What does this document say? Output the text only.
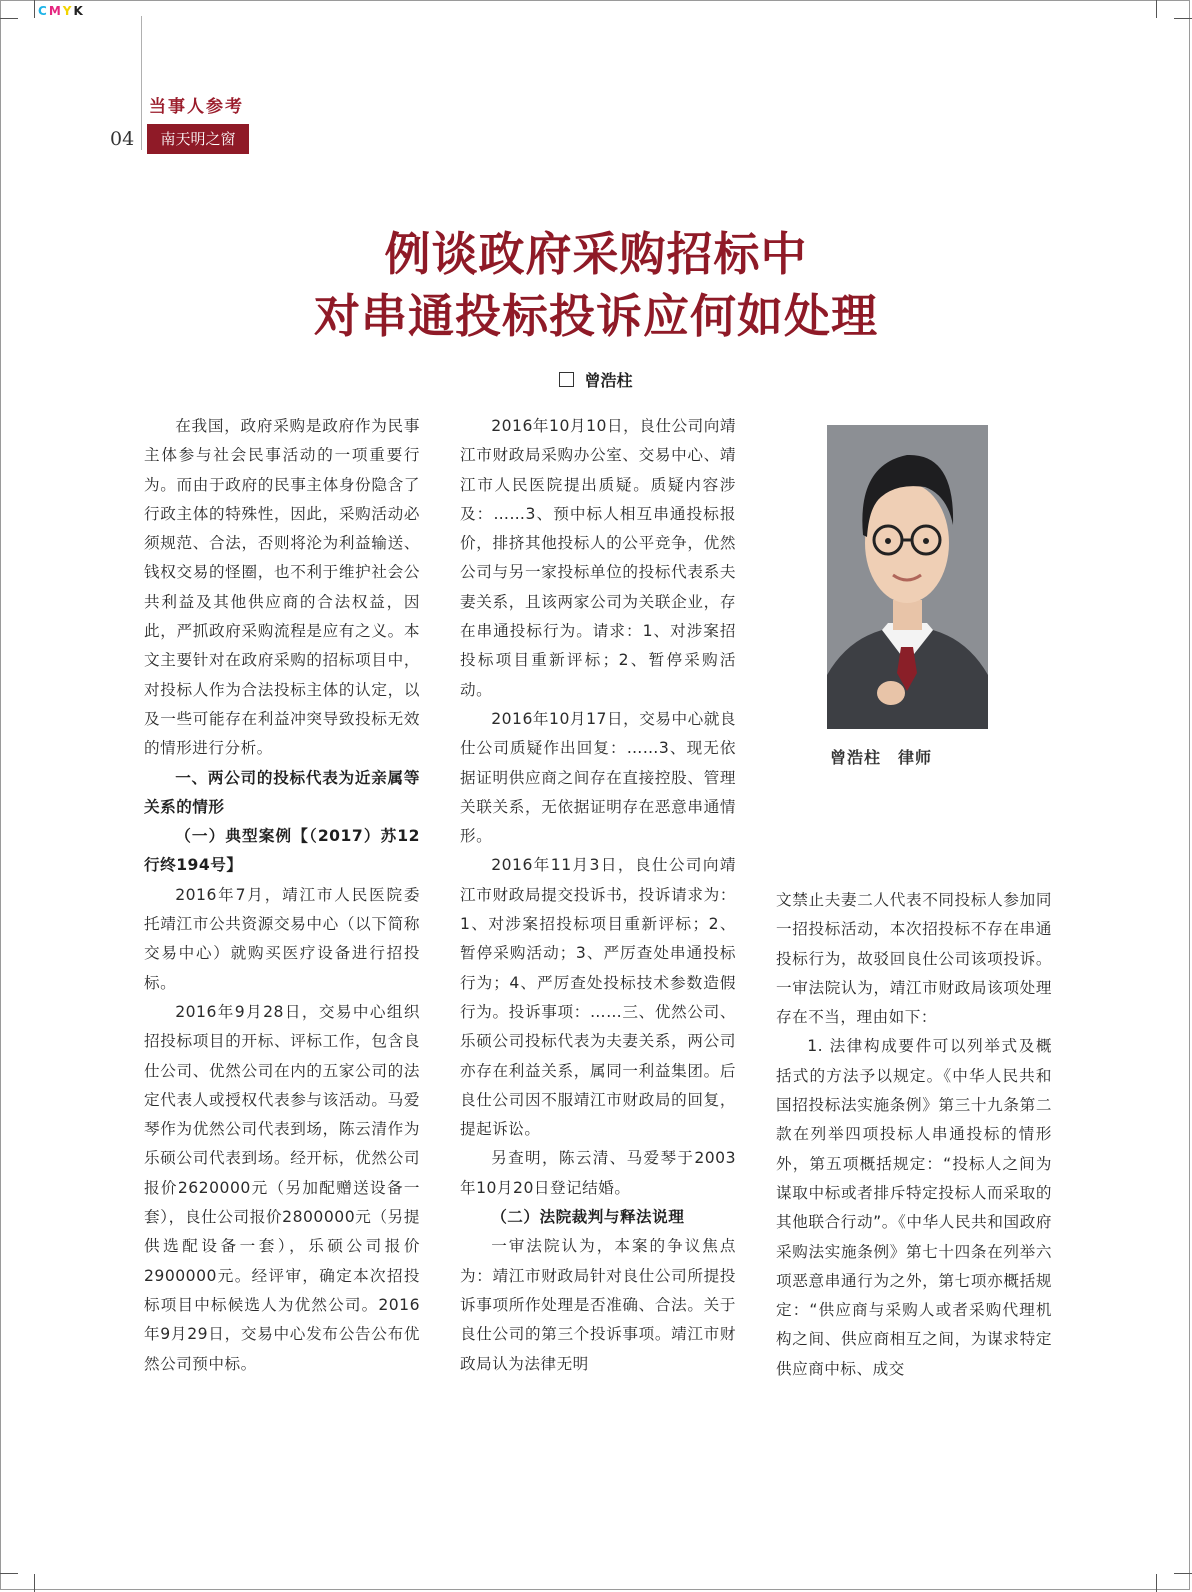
CMYK
当事人参考
04	南天明之窗
例谈政府采购招标中
对串通投标投诉应何如处理
曾浩柱

在我国，政府采购是政府作为民事主体参与社会民事活动的一项重要行为。而由于政府的民事主体身份隐含了行政主体的特殊性，因此，采购活动必须规范、合法，否则将沦为利益输送、钱权交易的怪圈，也不利于维护社会公共利益及其他供应商的合法权益，因此，严抓政府采购流程是应有之义。本文主要针对在政府采购的招标项目中，对投标人作为合法投标主体的认定，以及一些可能存在利益冲突导致投标无效的情形进行分析。

一、两公司的投标代表为近亲属等关系的情形

（一）典型案例【（2017）苏12行终194号】

2016年7月，靖江市人民医院委托靖江市公共资源交易中心（以下简称交易中心）就购买医疗设备进行招投标。

2016年9月28日，交易中心组织招投标项目的开标、评标工作，包含良仕公司、优然公司在内的五家公司的法定代表人或授权代表参与该活动。马爱琴作为优然公司代表到场，陈云清作为乐硕公司代表到场。经开标，优然公司报价2620000元（另加配赠送设备一套），良仕公司报价2800000元（另提供选配设备一套），乐硕公司报价2900000元。经评审，确定本次招投标项目中标候选人为优然公司。2016年9月29日，交易中心发布公告公布优然公司预中标。

2016年10月10日，良仕公司向靖江市财政局采购办公室、交易中心、靖江市人民医院提出质疑。质疑内容涉及：……3、预中标人相互串通投标报价，排挤其他投标人的公平竞争，优然公司与另一家投标单位的投标代表系夫妻关系，且该两家公司为关联企业，存在串通投标行为。请求：1、对涉案招投标项目重新评标；2、暂停采购活动。

2016年10月17日，交易中心就良仕公司质疑作出回复：……3、现无依据证明供应商之间存在直接控股、管理关联关系，无依据证明存在恶意串通情形。

2016年11月3日，良仕公司向靖江市财政局提交投诉书，投诉请求为：1、对涉案招投标项目重新评标；2、暂停采购活动；3、严厉查处串通投标行为；4、严厉查处投标技术参数造假行为。投诉事项：……三、优然公司、乐硕公司投标代表为夫妻关系，两公司亦存在利益关系，属同一利益集团。后良仕公司因不服靖江市财政局的回复，提起诉讼。

另查明，陈云清、马爱琴于2003年10月20日登记结婚。

（二）法院裁判与释法说理

一审法院认为，本案的争议焦点为：靖江市财政局针对良仕公司所提投诉事项所作处理是否准确、合法。关于良仕公司的第三个投诉事项。靖江市财政局认为法律无明

曾浩柱　律师

文禁止夫妻二人代表不同投标人参加同一招投标活动，本次招投标不存在串通投标行为，故驳回良仕公司该项投诉。一审法院认为，靖江市财政局该项处理存在不当，理由如下：

1. 法律构成要件可以列举式及概括式的方法予以规定。《中华人民共和国招投标法实施条例》第三十九条第二款在列举四项投标人串通投标的情形外，第五项概括规定：“投标人之间为谋取中标或者排斥特定投标人而采取的其他联合行动”。《中华人民共和国政府采购法实施条例》第七十四条在列举六项恶意串通行为之外，第七项亦概括规定：“供应商与采购人或者采购代理机构之间、供应商相互之间，为谋求特定供应商中标、成交
